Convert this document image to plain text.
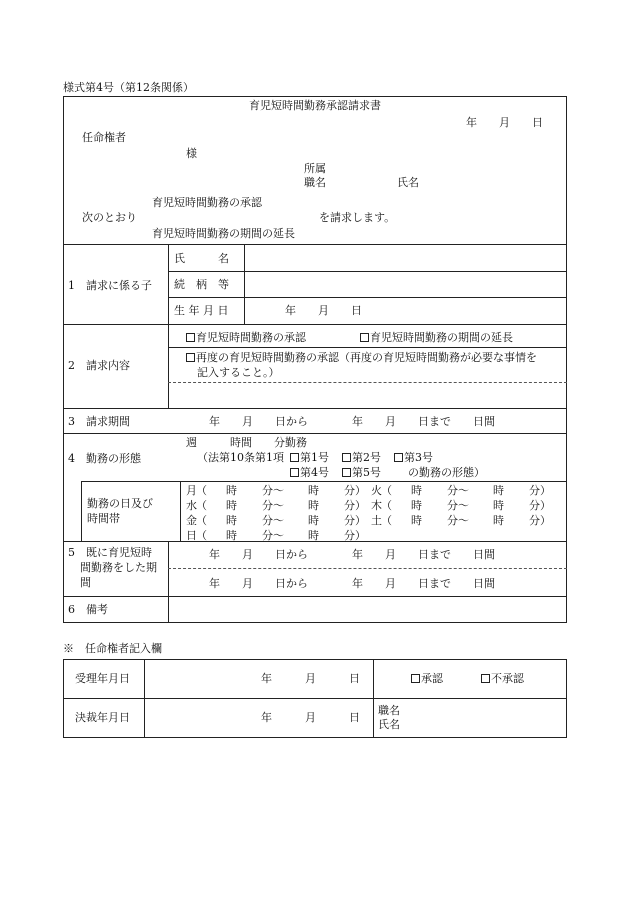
様式第4号（第12条関係）
育児短時間勤務承認請求書
年　　月　　日
任命権者
様
所属
職名	氏名
育児短時間勤務の承認
次のとおり	を請求します。
育児短時間勤務の期間の延長
1　請求に係る子
氏　　　名
続　柄　等
生 年 月 日	年　　月　　日
2　請求内容
育児短時間勤務の承認	育児短時間勤務の期間の延長
再度の育児短時間勤務の承認（再度の育児短時間勤務が必要な事情を
記入すること。）
3　請求期間	年　　月　　日から　　　　年　　月　　日まで　　日間
4　勤務の形態
週　　　時間　　分勤務
（法第10条第1項	第1号	第2号	第3号
第4号	第5号 の勤務の形態）
勤務の日及び
時間帯
月 （ 時 分〜 時 分） 火 （ 時 分〜 時 分）
水 （ 時 分〜 時 分） 木 （ 時 分〜 時 分）
金 （ 時 分〜 時 分） 土 （ 時 分〜 時 分）
日 （ 時 分〜 時 分）
5　既に育児短時
間勤務をした期
間
年　　月　　日から　　　　年　　月　　日まで　　日間
年　　月　　日から　　　　年　　月　　日まで　　日間
6　備考
※　任命権者記入欄
受理年月日	年　　　月　　　日	承認	不承認
決裁年月日	年　　　月　　　日
職名
氏名
